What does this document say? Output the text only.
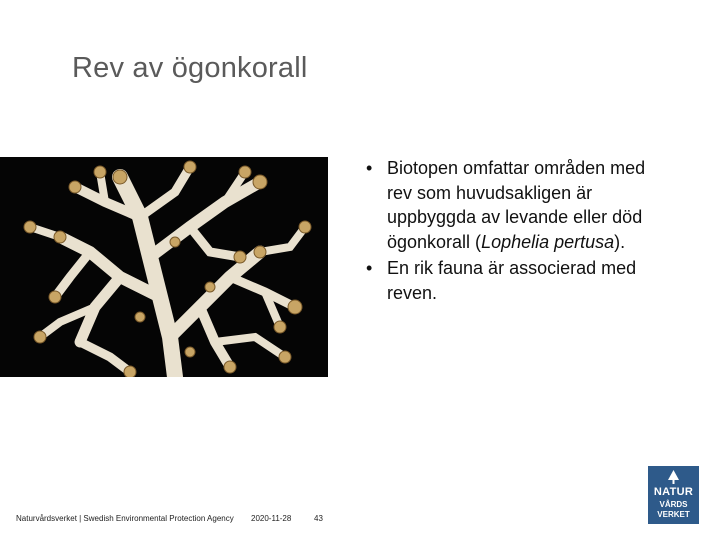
Rev av ögonkorall
• Biotopen omfattar områden med rev som huvudsakligen är uppbyggda av levande eller död ögonkorall (Lophelia pertusa).
• En rik fauna är associerad med reven.
Naturvårdsverket | Swedish Environmental Protection Agency 2020-11-28	43
NATUR
VÅRDS
VERKET
